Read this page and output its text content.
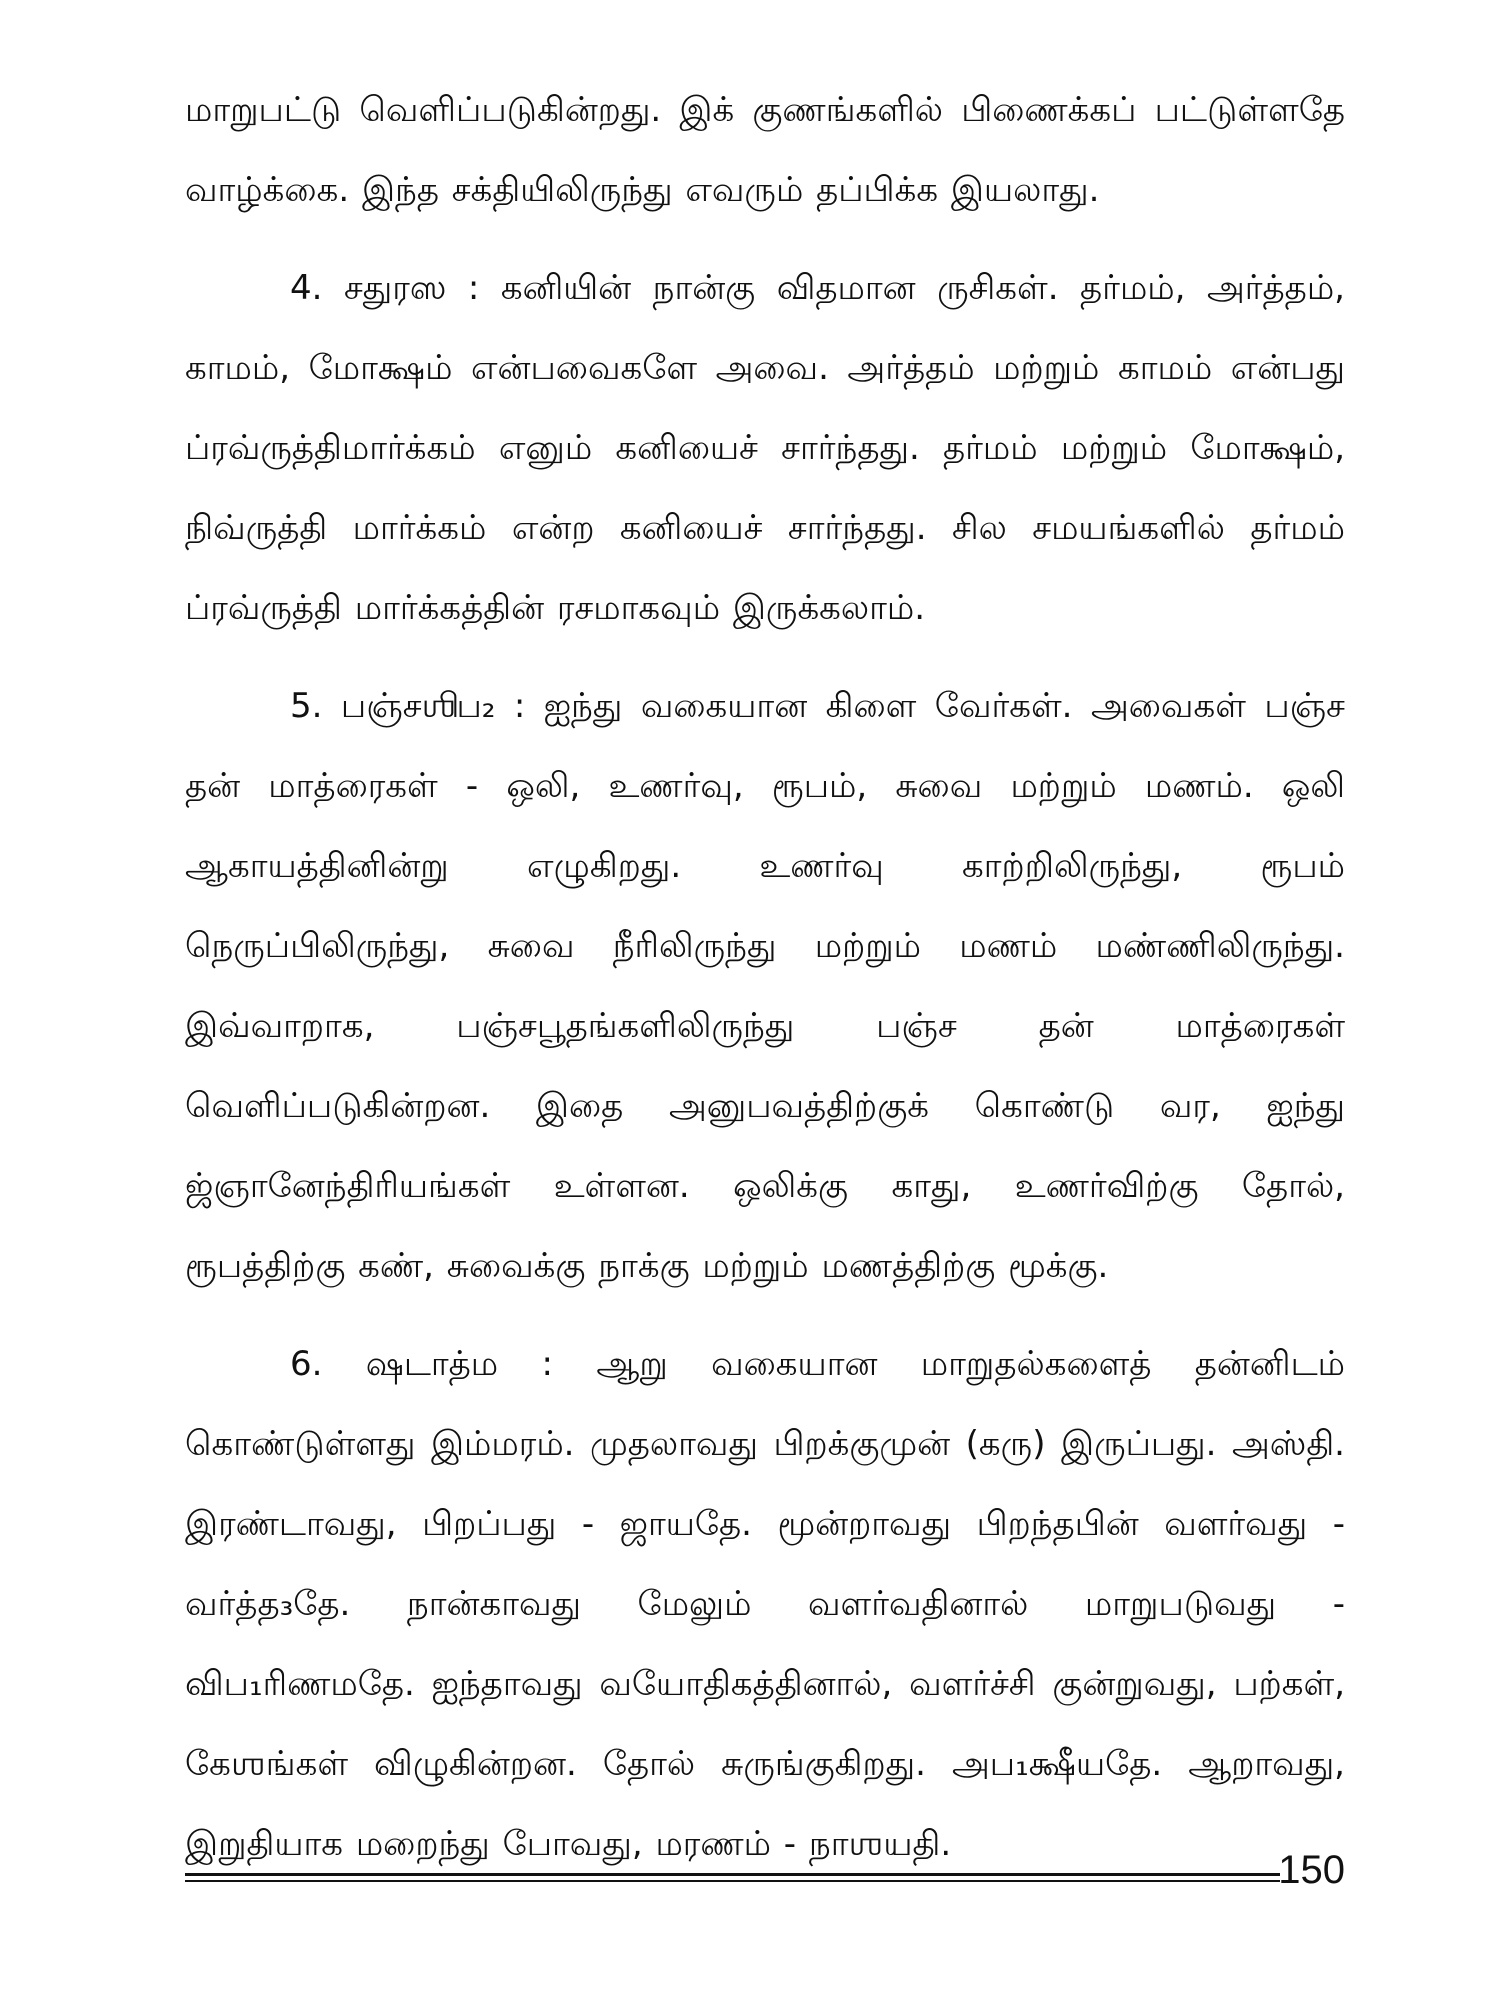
மாறுபட்டு வெளிப்படுகின்றது. இக் குணங்களில் பிணைக்கப் பட்டுள்ளதே வாழ்க்கை. இந்த சக்தியிலிருந்து எவரும் தப்பிக்க இயலாது.

4. சதுரஸ : கனியின் நான்கு விதமான ருசிகள். தர்மம், அர்த்தம், காமம், மோக்ஷம் என்பவைகளே அவை. அர்த்தம் மற்றும் காமம் என்பது ப்ரவ்ருத்திமார்க்கம் எனும் கனியைச் சார்ந்தது. தர்மம் மற்றும் மோக்ஷம், நிவ்ருத்தி மார்க்கம் என்ற கனியைச் சார்ந்தது. சில சமயங்களில் தர்மம் ப்ரவ்ருத்தி மார்க்கத்தின் ரசமாகவும் இருக்கலாம்.

5. பஞ்சஶிப₂ : ஐந்து வகையான கிளை வேர்கள். அவைகள் பஞ்ச தன் மாத்ரைகள் - ஒலி, உணர்வு, ரூபம், சுவை மற்றும் மணம். ஒலி ஆகாயத்தினின்று எழுகிறது. உணர்வு காற்றிலிருந்து, ரூபம் நெருப்பிலிருந்து, சுவை நீரிலிருந்து மற்றும் மணம் மண்ணிலிருந்து. இவ்வாறாக, பஞ்சபூதங்களிலிருந்து பஞ்ச தன் மாத்ரைகள் வெளிப்படுகின்றன. இதை அனுபவத்திற்குக் கொண்டு வர, ஐந்து ஜ்ஞானேந்திரியங்கள் உள்ளன. ஒலிக்கு காது, உணர்விற்கு தோல், ரூபத்திற்கு கண், சுவைக்கு நாக்கு மற்றும் மணத்திற்கு மூக்கு.

6. ஷடாத்ம : ஆறு வகையான மாறுதல்களைத் தன்னிடம் கொண்டுள்ளது இம்மரம். முதலாவது பிறக்குமுன் (கரு) இருப்பது. அஸ்தி. இரண்டாவது, பிறப்பது - ஜாயதே. மூன்றாவது பிறந்தபின் வளர்வது - வர்த்த₃தே. நான்காவது மேலும் வளர்வதினால் மாறுபடுவது - விப₁ரிணமதே. ஐந்தாவது வயோதிகத்தினால், வளர்ச்சி குன்றுவது, பற்கள், கேஶங்கள் விழுகின்றன. தோல் சுருங்குகிறது. அப₁க்ஷீயதே. ஆறாவது, இறுதியாக மறைந்து போவது, மரணம் - நாஶயதி.

150
